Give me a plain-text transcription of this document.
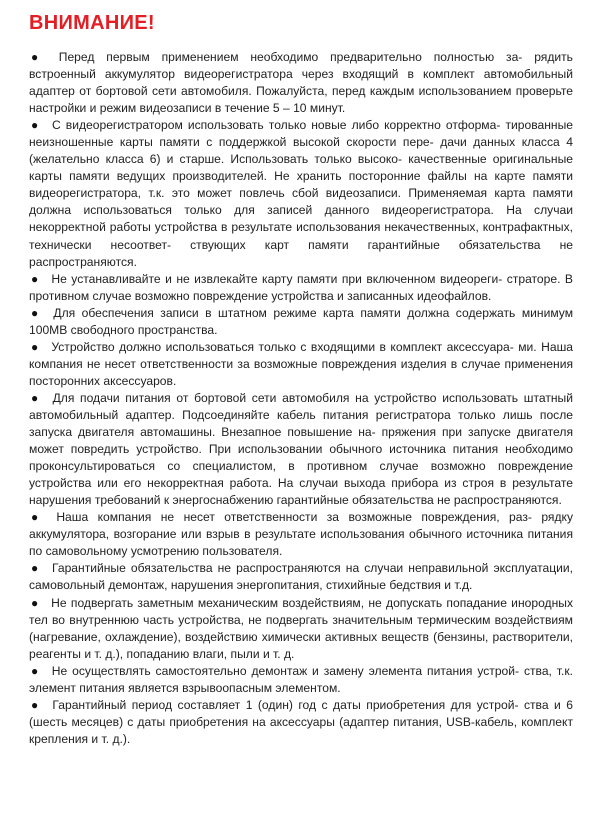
ВНИМАНИЕ!

● Перед первым применением необходимо предварительно полностью за- рядить встроенный аккумулятор видеорегистратора через входящий в комплект автомобильный адаптер от бортовой сети автомобиля. Пожалуйста, перед каждым использованием проверьте настройки и режим видеозаписи в течение 5 – 10 минут.

● С видеорегистратором использовать только новые либо корректно отформа- тированные неизношенные карты памяти с поддержкой высокой скорости пере- дачи данных класса 4 (желательно класса 6) и старше. Использовать только высоко- качественные оригинальные карты памяти ведущих производителей. Не хранить посторонние файлы на карте памяти видеорегистратора, т.к. это может повлечь сбой видеозаписи. Применяемая карта памяти должна использоваться только для записей данного видеорегистратора. На случаи некорректной работы устройства в результате использования некачественных, контрафактных, технически несоответ- ствующих карт памяти гарантийные обязательства не распространяются.

● Не устанавливайте и не извлекайте карту памяти при включенном видеореги- страторе. В противном случае возможно повреждение устройства и записанных идеофайлов.

● Для обеспечения записи в штатном режиме карта памяти должна содержать минимум 100MB свободного пространства.

● Устройство должно использоваться только с входящими в комплект аксессуара- ми. Наша компания не несет ответственности за возможные повреждения изделия в случае применения посторонних аксессуаров.

● Для подачи питания от бортовой сети автомобиля на устройство использовать штатный автомобильный адаптер. Подсоединяйте кабель питания регистратора только лишь после запуска двигателя автомашины. Внезапное повышение на- пряжения при запуске двигателя может повредить устройство. При использовании обычного источника питания необходимо проконсультироваться со специалистом, в противном случае возможно повреждение устройства или его некорректная работа. На случаи выхода прибора из строя в результате нарушения требований к энергоснабжению гарантийные обязательства не распространяются.

● Наша компания не несет ответственности за возможные повреждения, раз- рядку аккумулятора, возгорание или взрыв в результате использования обычного источника питания по самовольному усмотрению пользователя.

● Гарантийные обязательства не распространяются на случаи неправильной эксплуатации, самовольный демонтаж, нарушения энергопитания, стихийные бедствия и т.д.

● Не подвергать заметным механическим воздействиям, не допускать попадание инородных тел во внутреннюю часть устройства, не подвергать значительным термическим воздействиям (нагревание, охлаждение), воздействию химически активных веществ (бензины, растворители, реагенты и т. д.), попаданию влаги, пыли и т. д.

● Не осуществлять самостоятельно демонтаж и замену элемента питания устрой- ства, т.к. элемент питания является взрывоопасным элементом.

● Гарантийный период составляет 1 (один) год с даты приобретения для устрой- ства и 6 (шесть месяцев) с даты приобретения на аксессуары (адаптер питания, USB-кабель, комплект крепления и т. д.).
